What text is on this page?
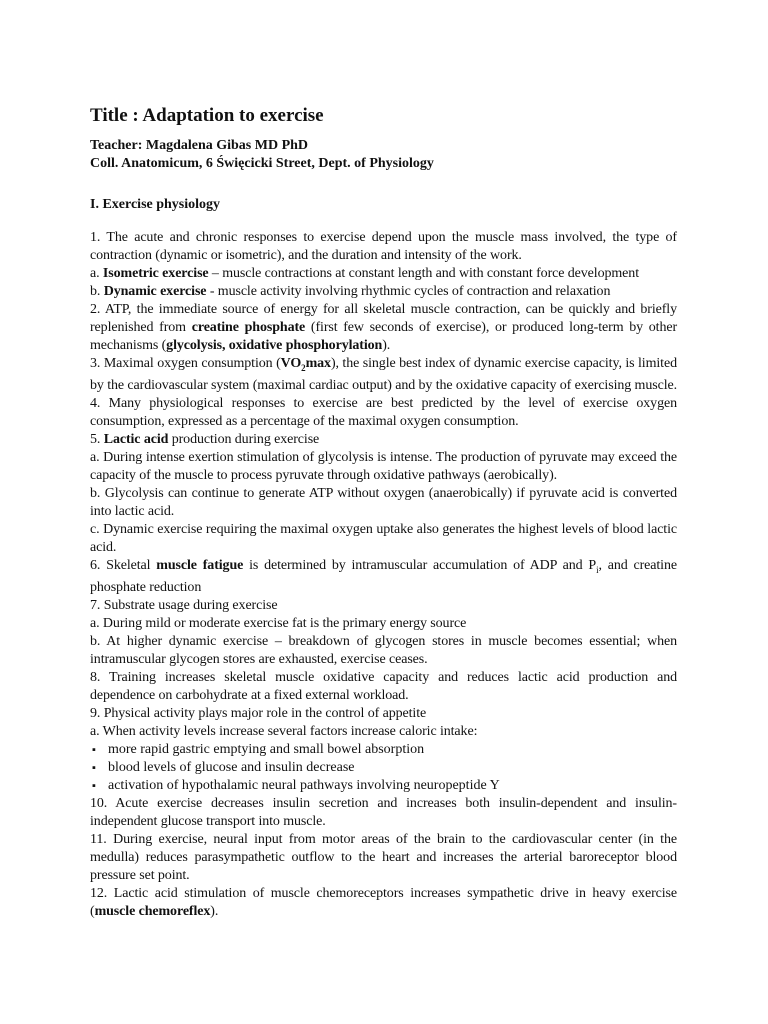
Title : Adaptation to exercise
Teacher: Magdalena Gibas MD PhD
Coll. Anatomicum, 6 Święcicki Street, Dept. of Physiology
I. Exercise physiology

1. The acute and chronic responses to exercise depend upon the muscle mass involved, the type of contraction (dynamic or isometric), and the duration and intensity of the work.

a. Isometric exercise – muscle contractions at constant length and with constant force development

b. Dynamic exercise - muscle activity involving rhythmic cycles of contraction and relaxation

2. ATP, the immediate source of energy for all skeletal muscle contraction, can be quickly and briefly replenished from creatine phosphate (first few seconds of exercise), or produced long-term by other mechanisms (glycolysis, oxidative phosphorylation).

3. Maximal oxygen consumption $(VO_2\max)$, the single best index of dynamic exercise capacity, is limited by the cardiovascular system (maximal cardiac output) and by the oxidative capacity of exercising muscle.

4. Many physiological responses to exercise are best predicted by the level of exercise oxygen consumption, expressed as a percentage of the maximal oxygen consumption.

5. Lactic acid production during exercise

a. During intense exertion stimulation of glycolysis is intense. The production of pyruvate may exceed the capacity of the muscle to process pyruvate through oxidative pathways (aerobically).

b. Glycolysis can continue to generate ATP without oxygen (anaerobically) if pyruvate acid is converted into lactic acid.

c. Dynamic exercise requiring the maximal oxygen uptake also generates the highest levels of blood lactic acid.

6. Skeletal muscle fatigue is determined by intramuscular accumulation of ADP and $P_i$, and creatine phosphate reduction

7. Substrate usage during exercise

a. During mild or moderate exercise fat is the primary energy source

b. At higher dynamic exercise – breakdown of glycogen stores in muscle becomes essential; when intramuscular glycogen stores are exhausted, exercise ceases.

8. Training increases skeletal muscle oxidative capacity and reduces lactic acid production and dependence on carbohydrate at a fixed external workload.

9. Physical activity plays major role in the control of appetite

a. When activity levels increase several factors increase caloric intake:

▪ more rapid gastric emptying and small bowel absorption
▪ blood levels of glucose and insulin decrease
▪ activation of hypothalamic neural pathways involving neuropeptide Y

10. Acute exercise decreases insulin secretion and increases both insulin-dependent and insulin-independent glucose transport into muscle.

11. During exercise, neural input from motor areas of the brain to the cardiovascular center (in the medulla) reduces parasympathetic outflow to the heart and increases the arterial baroreceptor blood pressure set point.

12. Lactic acid stimulation of muscle chemoreceptors increases sympathetic drive in heavy exercise (muscle chemoreflex).
